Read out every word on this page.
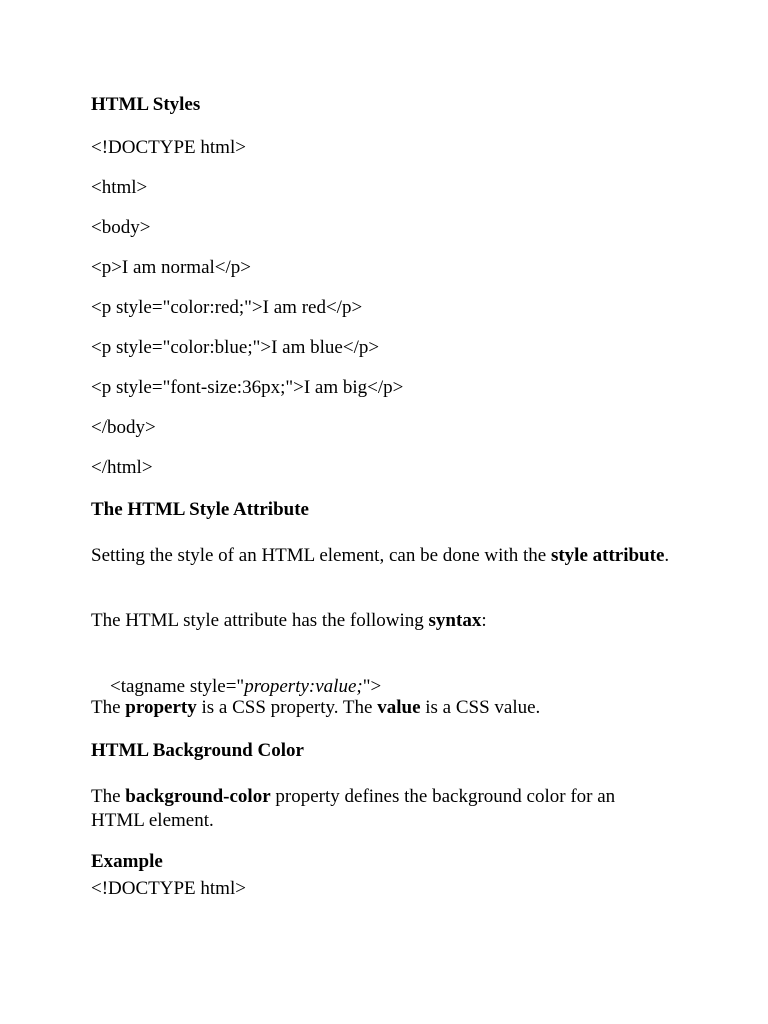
HTML Styles
<!DOCTYPE html>
<html>
<body>
<p>I am normal</p>
<p style="color:red;">I am red</p>
<p style="color:blue;">I am blue</p>
<p style="font-size:36px;">I am big</p>
</body>
</html>
The HTML Style Attribute
Setting the style of an HTML element, can be done with the style attribute.
The HTML style attribute has the following syntax:

<tagname style="property:value;">

The property is a CSS property. The value is a CSS value.
HTML Background Color
The background-color property defines the background color for an HTML element.
Example
<!DOCTYPE html>
